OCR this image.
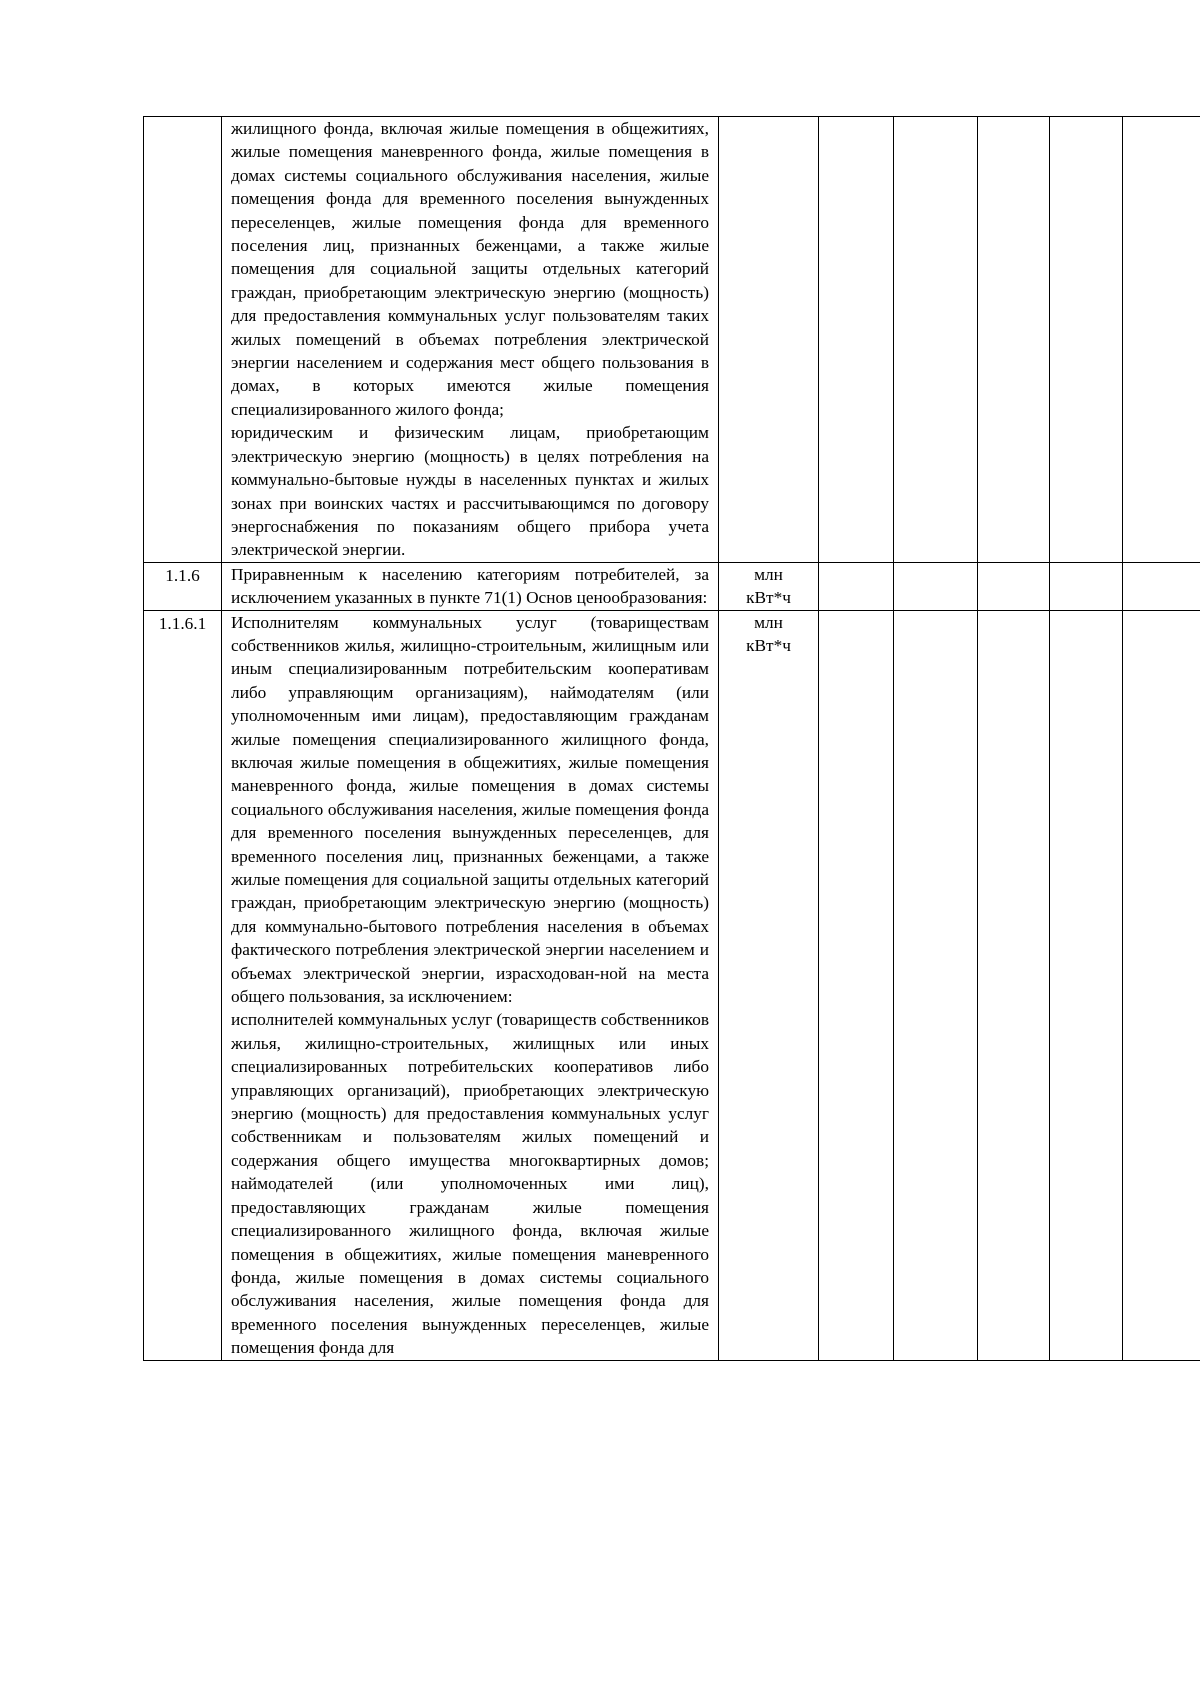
	жилищного фонда, включая жилые помещения в общежитиях, жилые помещения маневренного фонда, жилые помещения в домах системы социального обслуживания населения, жилые помещения фонда для временного поселения вынужденных переселенцев, жилые помещения фонда для временного поселения лиц, признанных беженцами, а также жилые помещения для социальной защиты отдельных категорий граждан, приобретающим электрическую энергию (мощность) для предоставления коммунальных услуг пользователям таких жилых помещений в объемах потребления электрической энергии населением и содержания мест общего пользования в домах, в которых имеются жилые помещения специализированного жилого фонда;
юридическим и физическим лицам, приобретающим электрическую энергию (мощность) в целях потребления на коммунально-бытовые нужды в населенных пунктах и жилых зонах при воинских частях и рассчитывающимся по договору энергоснабжения по показаниям общего прибора учета электрической энергии.						

1.1.6	Приравненным к населению категориям потребителей, за исключением указанных в пункте 71(1) Основ ценообразования:	млн
кВт*ч					

1.1.6.1	Исполнителям коммунальных услуг (товариществам собственников жилья, жилищно-строительным, жилищным или иным специализированным потребительским кооперативам либо управляющим организациям), наймодателям (или уполномоченным ими лицам), предоставляющим гражданам жилые помещения специализированного жилищного фонда, включая жилые помещения в общежитиях, жилые помещения маневренного фонда, жилые помещения в домах системы социального обслуживания населения, жилые помещения фонда для временного поселения вынужденных переселенцев, для временного поселения лиц, признанных беженцами, а также жилые помещения для социальной защиты отдельных категорий граждан, приобретающим электрическую энергию (мощность) для коммунально-бытового потребления населения в объемах фактического потребления электрической энергии населением и объемах электрической энергии, израсходован-ной на места общего пользования, за исключением:
исполнителей коммунальных услуг (товариществ собственников жилья, жилищно-строительных, жилищных или иных специализированных потребительских кооперативов либо управляющих организаций), приобретающих электрическую энергию (мощность) для предоставления коммунальных услуг собственникам и пользователям жилых помещений и содержания общего имущества многоквартирных домов; наймодателей (или уполномоченных ими лиц), предоставляющих гражданам жилые помещения специализированного жилищного фонда, включая жилые помещения в общежитиях, жилые помещения маневренного фонда, жилые помещения в домах системы социального обслуживания населения, жилые помещения фонда для временного поселения вынужденных переселенцев, жилые помещения фонда для	млн
кВт*ч					
